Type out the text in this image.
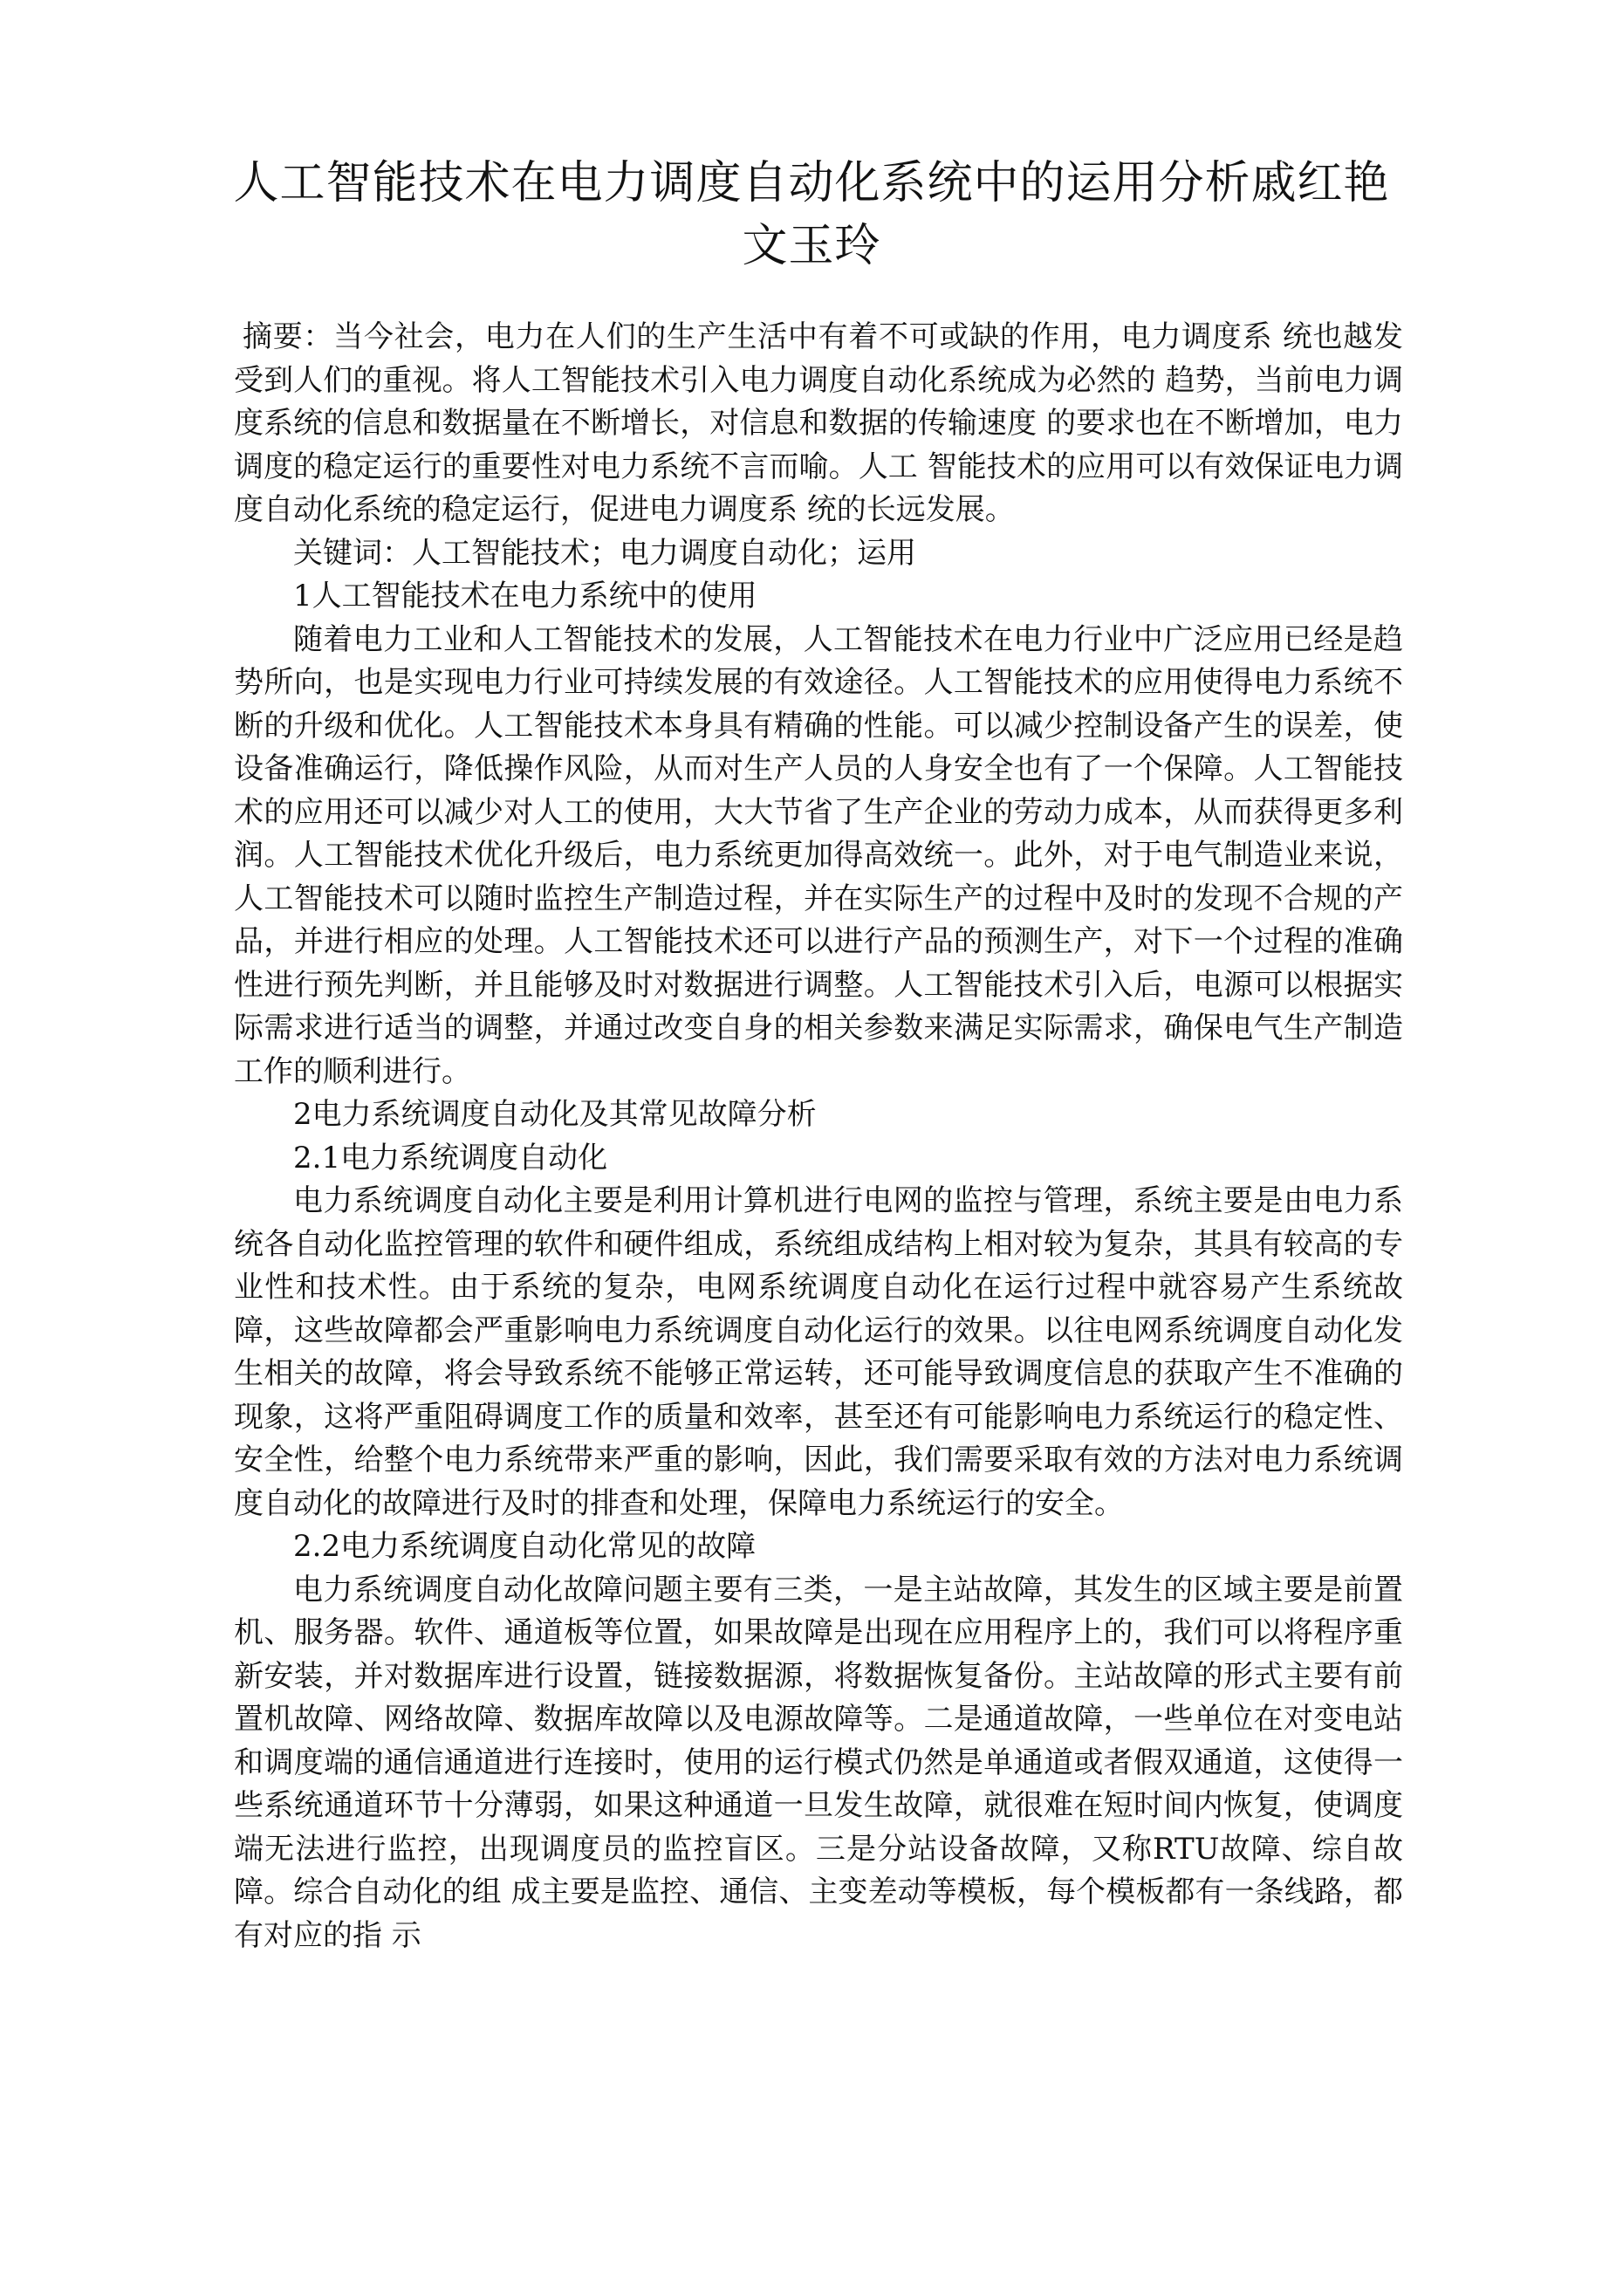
人工智能技术在电力调度自动化系统中的运用分析戚红艳
文玉玲

摘要：当今社会，电力在人们的生产生活中有着不可或缺的作用，电力调度系 统也越发受到人们的重视。将人工智能技术引入电力调度自动化系统成为必然的 趋势，当前电力调度系统的信息和数据量在不断增长，对信息和数据的传输速度 的要求也在不断增加，电力调度的稳定运行的重要性对电力系统不言而喻。人工 智能技术的应用可以有效保证电力调度自动化系统的稳定运行，促进电力调度系 统的长远发展。

关键词：人工智能技术；电力调度自动化；运用

1人工智能技术在电力系统中的使用

随着电力工业和人工智能技术的发展，人工智能技术在电力行业中广泛应用已经是趋势所向，也是实现电力行业可持续发展的有效途径。人工智能技术的应用使得电力系统不断的升级和优化。人工智能技术本身具有精确的性能。可以减少控制设备产生的误差，使设备准确运行，降低操作风险，从而对生产人员的人身安全也有了一个保障。人工智能技术的应用还可以减少对人工的使用，大大节省了生产企业的劳动力成本，从而获得更多利润。人工智能技术优化升级后，电力系统更加得高效统一。此外，对于电气制造业来说，人工智能技术可以随时监控生产制造过程，并在实际生产的过程中及时的发现不合规的产品，并进行相应的处理。人工智能技术还可以进行产品的预测生产，对下一个过程的准确性进行预先判断，并且能够及时对数据进行调整。人工智能技术引入后，电源可以根据实际需求进行适当的调整，并通过改变自身的相关参数来满足实际需求，确保电气生产制造工作的顺利进行。

2电力系统调度自动化及其常见故障分析

2.1电力系统调度自动化

电力系统调度自动化主要是利用计算机进行电网的监控与管理，系统主要是由电力系统各自动化监控管理的软件和硬件组成，系统组成结构上相对较为复杂，其具有较高的专业性和技术性。由于系统的复杂，电网系统调度自动化在运行过程中就容易产生系统故障，这些故障都会严重影响电力系统调度自动化运行的效果。以往电网系统调度自动化发生相关的故障，将会导致系统不能够正常运转，还可能导致调度信息的获取产生不准确的现象，这将严重阻碍调度工作的质量和效率，甚至还有可能影响电力系统运行的稳定性、安全性，给整个电力系统带来严重的影响，因此，我们需要采取有效的方法对电力系统调度自动化的故障进行及时的排查和处理，保障电力系统运行的安全。

2.2电力系统调度自动化常见的故障

电力系统调度自动化故障问题主要有三类，一是主站故障，其发生的区域主要是前置机、服务器。软件、通道板等位置，如果故障是出现在应用程序上的，我们可以将程序重新安装，并对数据库进行设置，链接数据源，将数据恢复备份。主站故障的形式主要有前置机故障、网络故障、数据库故障以及电源故障等。二是通道故障，一些单位在对变电站和调度端的通信通道进行连接时，使用的运行模式仍然是单通道或者假双通道，这使得一些系统通道环节十分薄弱，如果这种通道一旦发生故障，就很难在短时间内恢复，使调度端无法进行监控，出现调度员的监控盲区。三是分站设备故障，又称RTU故障、综自故障。综合自动化的组 成主要是监控、通信、主变差动等模板，每个模板都有一条线路，都有对应的指 示
